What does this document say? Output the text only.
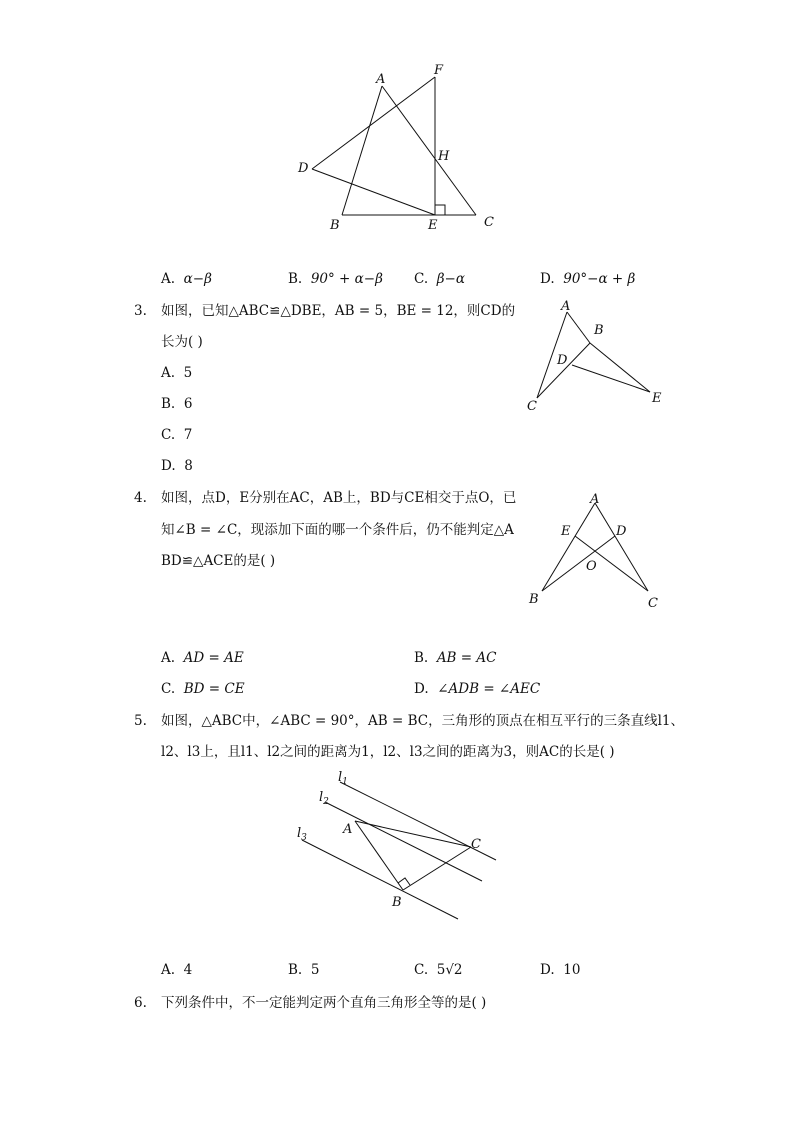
A
F
H
D
B	E	C
A. α−β	B. 90° + α−β C. β−α	D. 90°−α + β
3. 如图，已知△ABC≌△DBE，AB = 5，BE = 12，则CD的
长为( )
A. 5
B. 6
C. 7
D. 8
A
B
D
C
E
4. 如图，点D，E分别在AC，AB上，BD与CE相交于点O，已
知∠B = ∠C，现添加下面的哪一个条件后，仍不能判定△A
BD≌△ACE的是( )
A
E	D
O
B	C
A. AD = AE	B. AB = AC
C. BD = CE	D. ∠ADB = ∠AEC
5. 如图，△ABC中，∠ABC = 90°，AB = BC，三角形的顶点在相互平行的三条直线l1、
l2、l3上，且l1、l2之间的距离为1，l2、l3之间的距离为3，则AC的长是( )
$l_1$
$l_2$
$l_3$
A
B
C
A. 4	B. 5	C. 5√2	D. 10
6. 下列条件中，不一定能判定两个直角三角形全等的是( )
